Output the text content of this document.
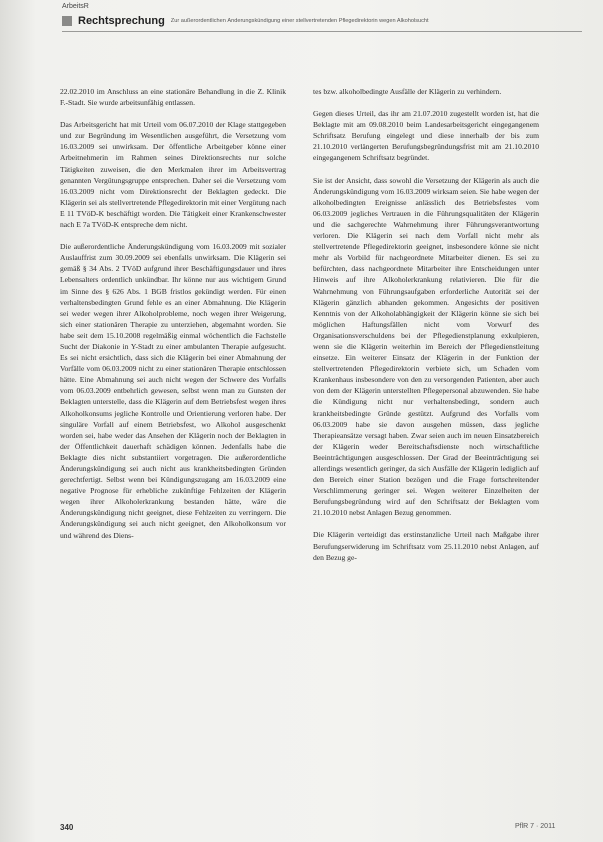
ArbeitsR
Rechtsprechung Zur außerordentlichen Änderungskündigung einer stellvertretenden Pflegedirektorin wegen Alkoholsucht

22.02.2010 im Anschluss an eine stationäre Behandlung in die Z. Klinik F.-Stadt. Sie wurde arbeitsunfähig entlassen.

Das Arbeitsgericht hat mit Urteil vom 06.07.2010 der Klage stattgegeben und zur Begründung im Wesentlichen ausgeführt, die Versetzung vom 16.03.2009 sei unwirksam. Der öffentliche Arbeitgeber könne einer Arbeitnehmerin im Rahmen seines Direktionsrechts nur solche Tätigkeiten zuweisen, die den Merkmalen ihrer im Arbeitsvertrag genannten Vergütungsgruppe entsprechen. Daher sei die Versetzung vom 16.03.2009 nicht vom Direktionsrecht der Beklagten gedeckt. Die Klägerin sei als stellvertretende Pflegedirektorin mit einer Vergütung nach E 11 TVöD-K beschäftigt worden. Die Tätigkeit einer Krankenschwester nach E 7a TVöD-K entspreche dem nicht.

Die außerordentliche Änderungskündigung vom 16.03.2009 mit sozialer Auslauffrist zum 30.09.2009 sei ebenfalls unwirksam. Die Klägerin sei gemäß § 34 Abs. 2 TVöD aufgrund ihrer Beschäftigungsdauer und ihres Lebensalters ordentlich unkündbar. Ihr könne nur aus wichtigem Grund im Sinne des § 626 Abs. 1 BGB fristlos gekündigt werden. Für einen verhaltensbedingten Grund fehle es an einer Abmahnung. Die Klägerin sei weder wegen ihrer Alkoholprobleme, noch wegen ihrer Weigerung, sich einer stationären Therapie zu unterziehen, abgemahnt worden. Sie habe seit dem 15.10.2008 regelmäßig einmal wöchentlich die Fachstelle Sucht der Diakonie in Y-Stadt zu einer ambulanten Therapie aufgesucht. Es sei nicht ersichtlich, dass sich die Klägerin bei einer Abmahnung der Vorfälle vom 06.03.2009 nicht zu einer stationären Therapie entschlossen hätte. Eine Abmahnung sei auch nicht wegen der Schwere des Vorfalls vom 06.03.2009 entbehrlich gewesen, selbst wenn man zu Gunsten der Beklagten unterstelle, dass die Klägerin auf dem Betriebsfest wegen ihres Alkoholkonsums jegliche Kontrolle und Orientierung verloren habe. Der singuläre Vorfall auf einem Betriebsfest, wo Alkohol ausgeschenkt worden sei, habe weder das Ansehen der Klägerin noch der Beklagten in der Öffentlichkeit dauerhaft schädigen können. Jedenfalls habe die Beklagte dies nicht substantiiert vorgetragen. Die außerordentliche Änderungskündigung sei auch nicht aus krankheitsbedingten Gründen gerechtfertigt. Selbst wenn bei Kündigungszugang am 16.03.2009 eine negative Prognose für erhebliche zukünftige Fehlzeiten der Klägerin wegen ihrer Alkoholerkrankung bestanden hätte, wäre die Änderungskündigung nicht geeignet, diese Fehlzeiten zu verringern. Die Änderungskündigung sei auch nicht geeignet, den Alkoholkonsum vor und während des Diens-

tes bzw. alkoholbedingte Ausfälle der Klägerin zu verhindern.

Gegen dieses Urteil, das ihr am 21.07.2010 zugestellt worden ist, hat die Beklagte mit am 09.08.2010 beim Landesarbeitsgericht eingegangenem Schriftsatz Berufung eingelegt und diese innerhalb der bis zum 21.10.2010 verlängerten Berufungsbegründungsfrist mit am 21.10.2010 eingegangenem Schriftsatz begründet.

Sie ist der Ansicht, dass sowohl die Versetzung der Klägerin als auch die Änderungskündigung vom 16.03.2009 wirksam seien. Sie habe wegen der alkoholbedingten Ereignisse anlässlich des Betriebsfestes vom 06.03.2009 jegliches Vertrauen in die Führungsqualitäten der Klägerin und die sachgerechte Wahrnehmung ihrer Führungsverantwortung verloren. Die Klägerin sei nach dem Vorfall nicht mehr als stellvertretende Pflegedirektorin geeignet, insbesondere könne sie nicht mehr als Vorbild für nachgeordnete Mitarbeiter dienen. Es sei zu befürchten, dass nachgeordnete Mitarbeiter ihre Entscheidungen unter Hinweis auf ihre Alkoholerkrankung relativieren. Die für die Wahrnehmung von Führungsaufgaben erforderliche Autorität sei der Klägerin gänzlich abhanden gekommen. Angesichts der positiven Kenntnis von der Alkoholabhängigkeit der Klägerin könne sie sich bei möglichen Haftungsfällen nicht vom Vorwurf des Organisationsverschuldens bei der Pflegedienstplanung exkulpieren, wenn sie die Klägerin weiterhin im Bereich der Pflegedienstleitung einsetze. Ein weiterer Einsatz der Klägerin in der Funktion der stellvertretenden Pflegedirektorin verbiete sich, um Schaden vom Krankenhaus insbesondere von den zu versorgenden Patienten, aber auch von dem der Klägerin unterstellten Pflegepersonal abzuwenden. Sie habe die Kündigung nicht nur verhaltensbedingt, sondern auch krankheitsbedingte Gründe gestützt. Aufgrund des Vorfalls vom 06.03.2009 habe sie davon ausgehen müssen, dass jegliche Therapieansätze versagt haben. Zwar seien auch im neuen Einsatzbereich der Klägerin weder Bereitschaftsdienste noch wirtschaftliche Beeinträchtigungen ausgeschlossen. Der Grad der Beeinträchtigung sei allerdings wesentlich geringer, da sich Ausfälle der Klägerin lediglich auf den Bereich einer Station bezögen und die Frage fortschreitender Verschlimmerung geringer sei. Wegen weiterer Einzelheiten der Berufungsbegründung wird auf den Schriftsatz der Beklagten vom 21.10.2010 nebst Anlagen Bezug genommen.

Die Klägerin verteidigt das erstinstanzliche Urteil nach Maßgabe ihrer Berufungserwiderung im Schriftsatz vom 25.11.2010 nebst Anlagen, auf den Bezug ge-

340	PflR 7 · 2011
